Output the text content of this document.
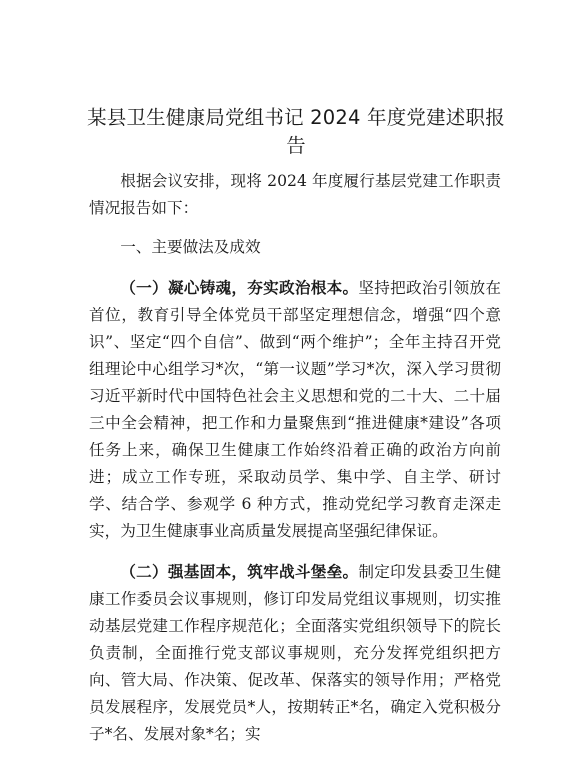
某县卫生健康局党组书记 2024 年度党建述职报告

根据会议安排，现将 2024 年度履行基层党建工作职责情况报告如下：

一、主要做法及成效

（一）凝心铸魂，夯实政治根本。坚持把政治引领放在首位，教育引导全体党员干部坚定理想信念，增强“四个意识”、坚定“四个自信”、做到“两个维护”；全年主持召开党组理论中心组学习*次，“第一议题”学习*次，深入学习贯彻习近平新时代中国特色社会主义思想和党的二十大、二十届三中全会精神，把工作和力量聚焦到“推进健康*建设”各项任务上来，确保卫生健康工作始终沿着正确的政治方向前进；成立工作专班，采取动员学、集中学、自主学、研讨学、结合学、参观学 6 种方式，推动党纪学习教育走深走实，为卫生健康事业高质量发展提高坚强纪律保证。

（二）强基固本，筑牢战斗堡垒。制定印发县委卫生健康工作委员会议事规则，修订印发局党组议事规则，切实推动基层党建工作程序规范化；全面落实党组织领导下的院长负责制，全面推行党支部议事规则，充分发挥党组织把方向、管大局、作决策、促改革、保落实的领导作用；严格党员发展程序，发展党员*人，按期转正*名，确定入党积极分子*名、发展对象*名；实
